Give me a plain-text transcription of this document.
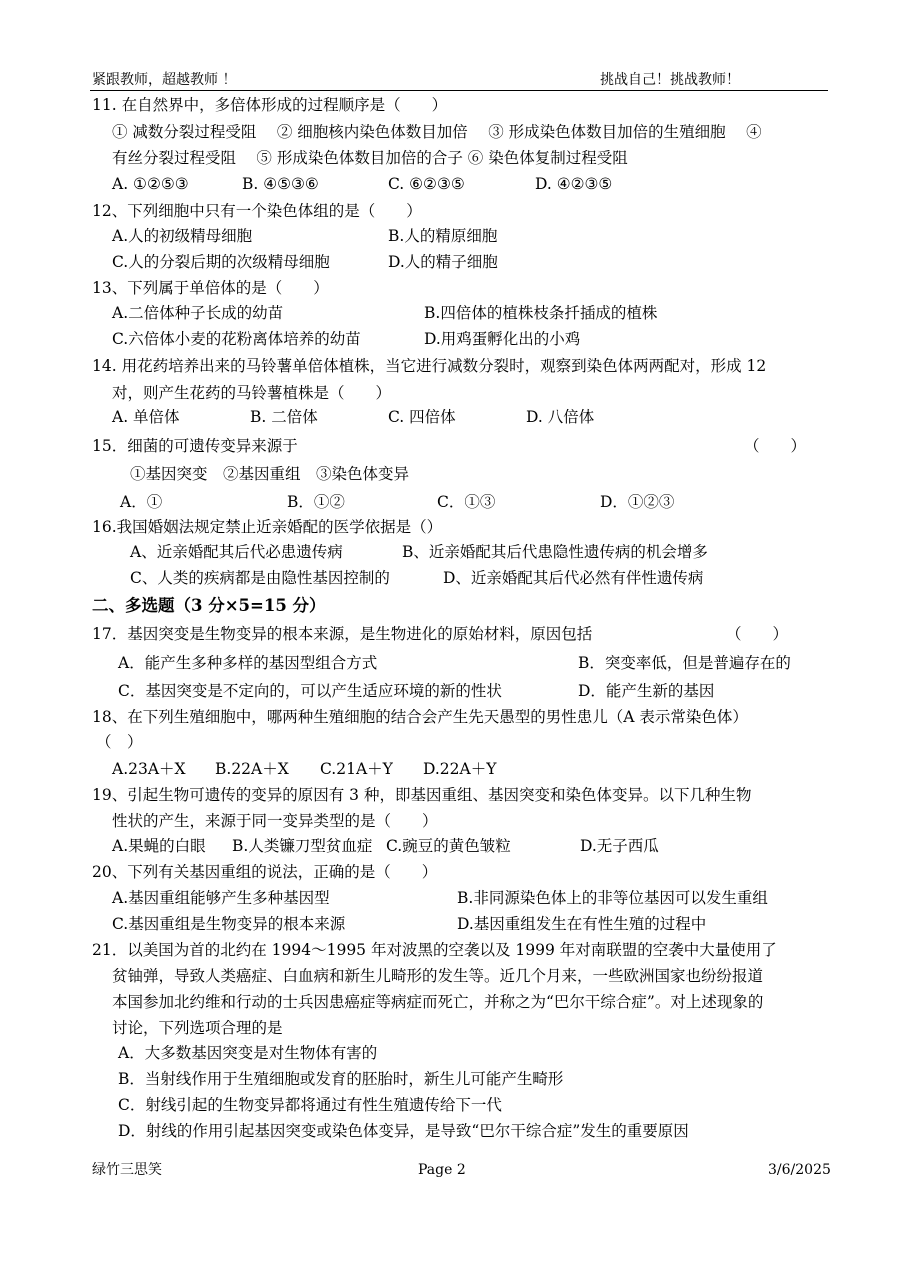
紧跟教师，超越教师 ！	挑战自己！挑战教师！
11. 在自然界中，多倍体形成的过程顺序是（　　）
① 减数分裂过程受阻　 ② 细胞核内染色体数目加倍　 ③ 形成染色体数目加倍的生殖细胞　 ④
有丝分裂过程受阻　 ⑤ 形成染色体数目加倍的合子 ⑥ 染色体复制过程受阻
A. ①②⑤③	B. ④⑤③⑥	C. ⑥②③⑤	D. ④②③⑤
12、下列细胞中只有一个染色体组的是（　　）
A.人的初级精母细胞	B.人的精原细胞
C.人的分裂后期的次级精母细胞	D.人的精子细胞
13、下列属于单倍体的是（　　）
A.二倍体种子长成的幼苗	B.四倍体的植株枝条扦插成的植株
C.六倍体小麦的花粉离体培养的幼苗	D.用鸡蛋孵化出的小鸡
14. 用花药培养出来的马铃薯单倍体植株，当它进行减数分裂时，观察到染色体两两配对，形成 12
对，则产生花药的马铃薯植株是（　　）
A. 单倍体	B. 二倍体	C. 四倍体	D. 八倍体
15．细菌的可遗传变异来源于	（　　）
①基因突变　②基因重组　③染色体变异
A．①	B．①②	C．①③	D．①②③
16.我国婚姻法规定禁止近亲婚配的医学依据是（）
A、近亲婚配其后代必患遗传病	B、近亲婚配其后代患隐性遗传病的机会增多
C、人类的疾病都是由隐性基因控制的	D、近亲婚配其后代必然有伴性遗传病
二、多选题（3 分×5=15 分）
17．基因突变是生物变异的根本来源，是生物进化的原始材料，原因包括	（　　）
A．能产生多种多样的基因型组合方式	B．突变率低，但是普遍存在的
C．基因突变是不定向的，可以产生适应环境的新的性状	D．能产生新的基因
18、在下列生殖细胞中，哪两种生殖细胞的结合会产生先天愚型的男性患儿（A 表示常染色体）
（　）
A.23A＋X B.22A＋X C.21A＋Y D.22A＋Y
19、引起生物可遗传的变异的原因有 3 种，即基因重组、基因突变和染色体变异。以下几种生物
性状的产生，来源于同一变异类型的是（　　）
A.果蝇的白眼 B.人类镰刀型贫血症 C.豌豆的黄色皱粒	D.无子西瓜
20、下列有关基因重组的说法，正确的是（　　）
A.基因重组能够产生多种基因型	B.非同源染色体上的非等位基因可以发生重组
C.基因重组是生物变异的根本来源	D.基因重组发生在有性生殖的过程中
21．以美国为首的北约在 1994～1995 年对波黑的空袭以及 1999 年对南联盟的空袭中大量使用了
贫铀弹，导致人类癌症、白血病和新生儿畸形的发生等。近几个月来，一些欧洲国家也纷纷报道
本国参加北约维和行动的士兵因患癌症等病症而死亡，并称之为“巴尔干综合症”。对上述现象的
讨论，下列选项合理的是
A．大多数基因突变是对生物体有害的
B．当射线作用于生殖细胞或发育的胚胎时，新生儿可能产生畸形
C．射线引起的生物变异都将通过有性生殖遗传给下一代
D．射线的作用引起基因突变或染色体变异，是导致“巴尔干综合症”发生的重要原因
绿竹三思笑	Page 2	3/6/2025
